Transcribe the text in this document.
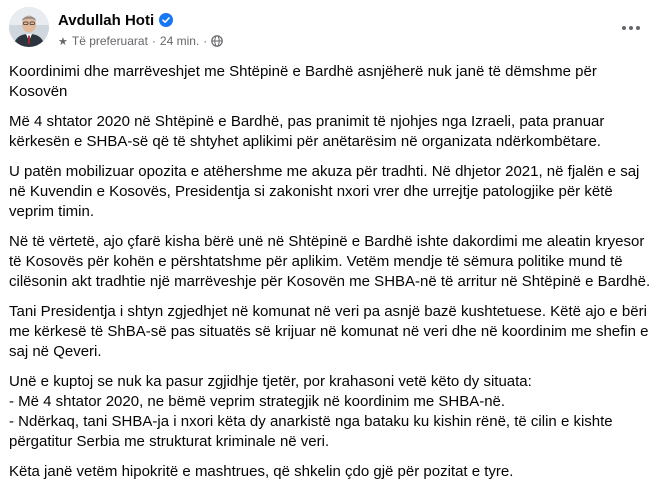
Avdullah Hoti
★ Të preferuarat · 24 min. ·

Koordinimi dhe marrëveshjet me Shtëpinë e Bardhë asnjëherë nuk janë të dëmshme për Kosovën

Më 4 shtator 2020 në Shtëpinë e Bardhë, pas pranimit të njohjes nga Izraeli, pata pranuar kërkesën e SHBA-së që të shtyhet aplikimi për anëtarësim në organizata ndërkombëtare.

U patën mobilizuar opozita e atëhershme me akuza për tradhti. Në dhjetor 2021, në fjalën e saj në Kuvendin e Kosovës, Presidentja si zakonisht nxori vrer dhe urrejtje patologjike për këtë veprim timin.

Në të vërtetë, ajo çfarë kisha bërë unë në Shtëpinë e Bardhë ishte dakordimi me aleatin kryesor të Kosovës për kohën e përshtatshme për aplikim. Vetëm mendje të sëmura politike mund të cilësonin akt tradhtie një marrëveshje për Kosovën me SHBA-në të arritur në Shtëpinë e Bardhë.

Tani Presidentja i shtyn zgjedhjet në komunat në veri pa asnjë bazë kushtetuese. Këtë ajo e bëri me kërkesë të ShBA-së pas situatës së krijuar në komunat në veri dhe në koordinim me shefin e saj në Qeveri.

Unë e kuptoj se nuk ka pasur zgjidhje tjetër, por krahasoni vetë këto dy situata:

- Më 4 shtator 2020, ne bëmë veprim strategjik në koordinim me SHBA-në.

- Ndërkaq, tani SHBA-ja i nxori këta dy anarkistë nga bataku ku kishin rënë, të cilin e kishte përgatitur Serbia me strukturat kriminale në veri.

Këta janë vetëm hipokritë e mashtrues, që shkelin çdo gjë për pozitat e tyre.
